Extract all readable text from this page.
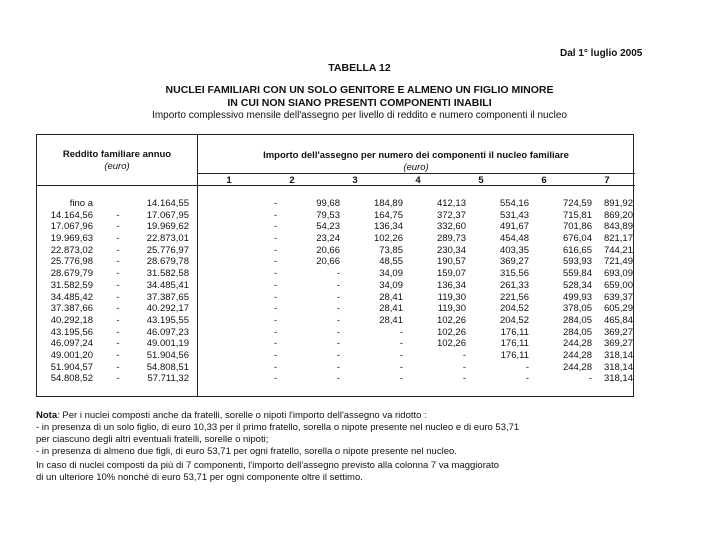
Dal 1° luglio 2005
TABELLA 12
NUCLEI FAMILIARI CON UN SOLO GENITORE E ALMENO UN FIGLIO MINORE
IN CUI NON SIANO PRESENTI COMPONENTI INABILI
Importo complessivo mensile dell'assegno per livello di reddito e numero componenti il nucleo
Reddito familiare annuo
(euro)
Importo dell'assegno per numero dei componenti il nucleo familiare
(euro)
1	2	3	4	5	6	7
fino a	14.164,55	-	99,68	184,89	412,13	554,16	724,59	891,92
14.164,56	-	17.067,95	-	79,53	164,75	372,37	531,43	715,81	869,20
17.067,96	-	19.969,62	-	54,23	136,34	332,60	491,67	701,86	843,89
19.969,63	-	22.873,01	-	23,24	102,26	289,73	454,48	676,04	821,17
22.873,02	-	25.776,97	-	20,66	73,85	230,34	403,35	616,65	744,21
25.776,98	-	28.679,78	-	20,66	48,55	190,57	369,27	593,93	721,49
28.679,79	-	31.582,58	-	-	34,09	159,07	315,56	559,84	693,09
31.582,59	-	34.485,41	-	-	34,09	136,34	261,33	528,34	659,00
34.485,42	-	37.387,65	-	-	28,41	119,30	221,56	499,93	639,37
37.387,66	-	40.292,17	-	-	28,41	119,30	204,52	378,05	605,29
40.292,18	-	43.195,55	-	-	28,41	102,26	204,52	284,05	465,84
43.195,56	-	46.097,23	-	-	-	102,26	176,11	284,05	369,27
46.097,24	-	49.001,19	-	-	-	102,26	176,11	244,28	369,27
49.001,20	-	51.904,56	-	-	-	-	176,11	244,28	318,14
51.904,57	-	54.808,51	-	-	-	-	-	244,28	318,14
54.808,52	-	57.711,32	-	-	-	-	-	-	318,14
Nota: Per i nuclei composti anche da fratelli, sorelle o nipoti l'importo dell'assegno va ridotto :
- in presenza di un solo figlio, di euro 10,33 per il primo fratello, sorella o nipote presente nel nucleo e di euro 53,71
per ciascuno degli altri eventuali fratelli, sorelle o nipoti;
- in presenza di almeno due figli, di euro 53,71 per ogni fratello, sorella o nipote presente nel nucleo.
In caso di nuclei composti da più di 7 componenti, l'importo dell'assegno previsto alla colonna 7 va maggiorato
di un ulteriore 10% nonché di euro 53,71 per ogni componente oltre il settimo.
